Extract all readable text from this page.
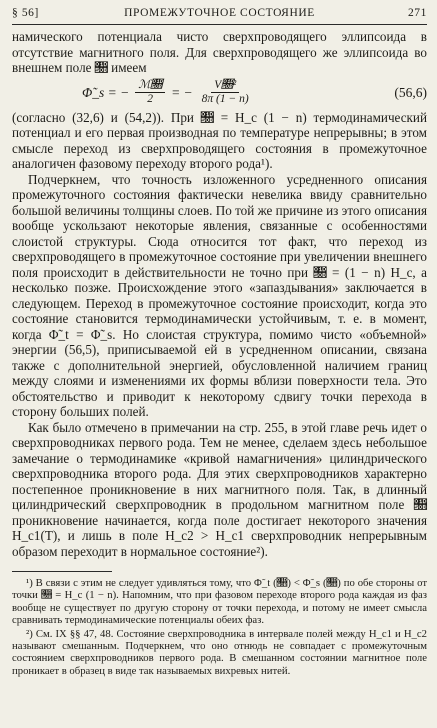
§ 56]	ПРОМЕЖУТОЧНОЕ СОСТОЯНИЕ	271

намического потенциала чисто сверхпроводящего эллипсоида в отсутствие магнитного поля. Для сверхпроводящего же эллипсоида во внешнем поле 𝔋 имеем

Φ̃_s = − $\frac{\text{ℳ𝔋}}{2}$ = − $\frac{\text{V𝔋²}}{8\pi (1 - n)}$	(56,6)

(согласно (32,6) и (54,2)). При 𝔋 = H_c (1 − n) термодинамический потенциал и его первая производная по температуре непрерывны; в этом смысле переход из сверхпроводящего состояния в промежуточное аналогичен фазовому переходу второго рода¹).

Подчеркнем, что точность изложенного усредненного описания промежуточного состояния фактически невелика ввиду сравнительно большой величины толщины слоев. По той же причине из этого описания вообще ускользают некоторые явления, связанные с особенностями слоистой структуры. Сюда относится тот факт, что переход из сверхпроводящего в промежуточное состояние при увеличении внешнего поля происходит в действительности не точно при 𝔋 = (1 − n) H_c, а несколько позже. Происхождение этого «запаздывания» заключается в следующем. Переход в промежуточное состояние происходит, когда это состояние становится термодинамически устойчивым, т. е. в момент, когда Φ̃_t = Φ̃_s. Но слоистая структура, помимо чисто «объемной» энергии (56,5), приписываемой ей в усредненном описании, связана также с дополнительной энергией, обусловленной наличием границ между слоями и изменениями их формы вблизи поверхности тела. Это обстоятельство и приводит к некоторому сдвигу точки перехода в сторону больших полей.

Как было отмечено в примечании на стр. 255, в этой главе речь идет о сверхпроводниках первого рода. Тем не менее, сделаем здесь небольшое замечание о термодинамике «кривой намагничения» цилиндрического сверхпроводника второго рода. Для этих сверхпроводников характерно постепенное проникновение в них магнитного поля. Так, в длинный цилиндрический сверхпроводник в продольном магнитном поле 𝔋 проникновение начинается, когда поле достигает некоторого значения H_c1(T), и лишь в поле H_c2 > H_c1 сверхпроводник непрерывным образом переходит в нормальное состояние²).

¹) В связи с этим не следует удивляться тому, что Φ̃_t (𝔋) < Φ̃_s (𝔋) по обе стороны от точки 𝔋 = H_c (1 − n). Напомним, что при фазовом переходе второго рода каждая из фаз вообще не существует по другую сторону от точки перехода, и потому не имеет смысла сравнивать термодинамические потенциалы обеих фаз.

²) См. IX §§ 47, 48. Состояние сверхпроводника в интервале полей между H_c1 и H_c2 называют смешанным. Подчеркнем, что оно отнюдь не совпадает с промежуточным состоянием сверхпроводников первого рода. В смешанном состоянии магнитное поле проникает в образец в виде так называемых вихревых нитей.
